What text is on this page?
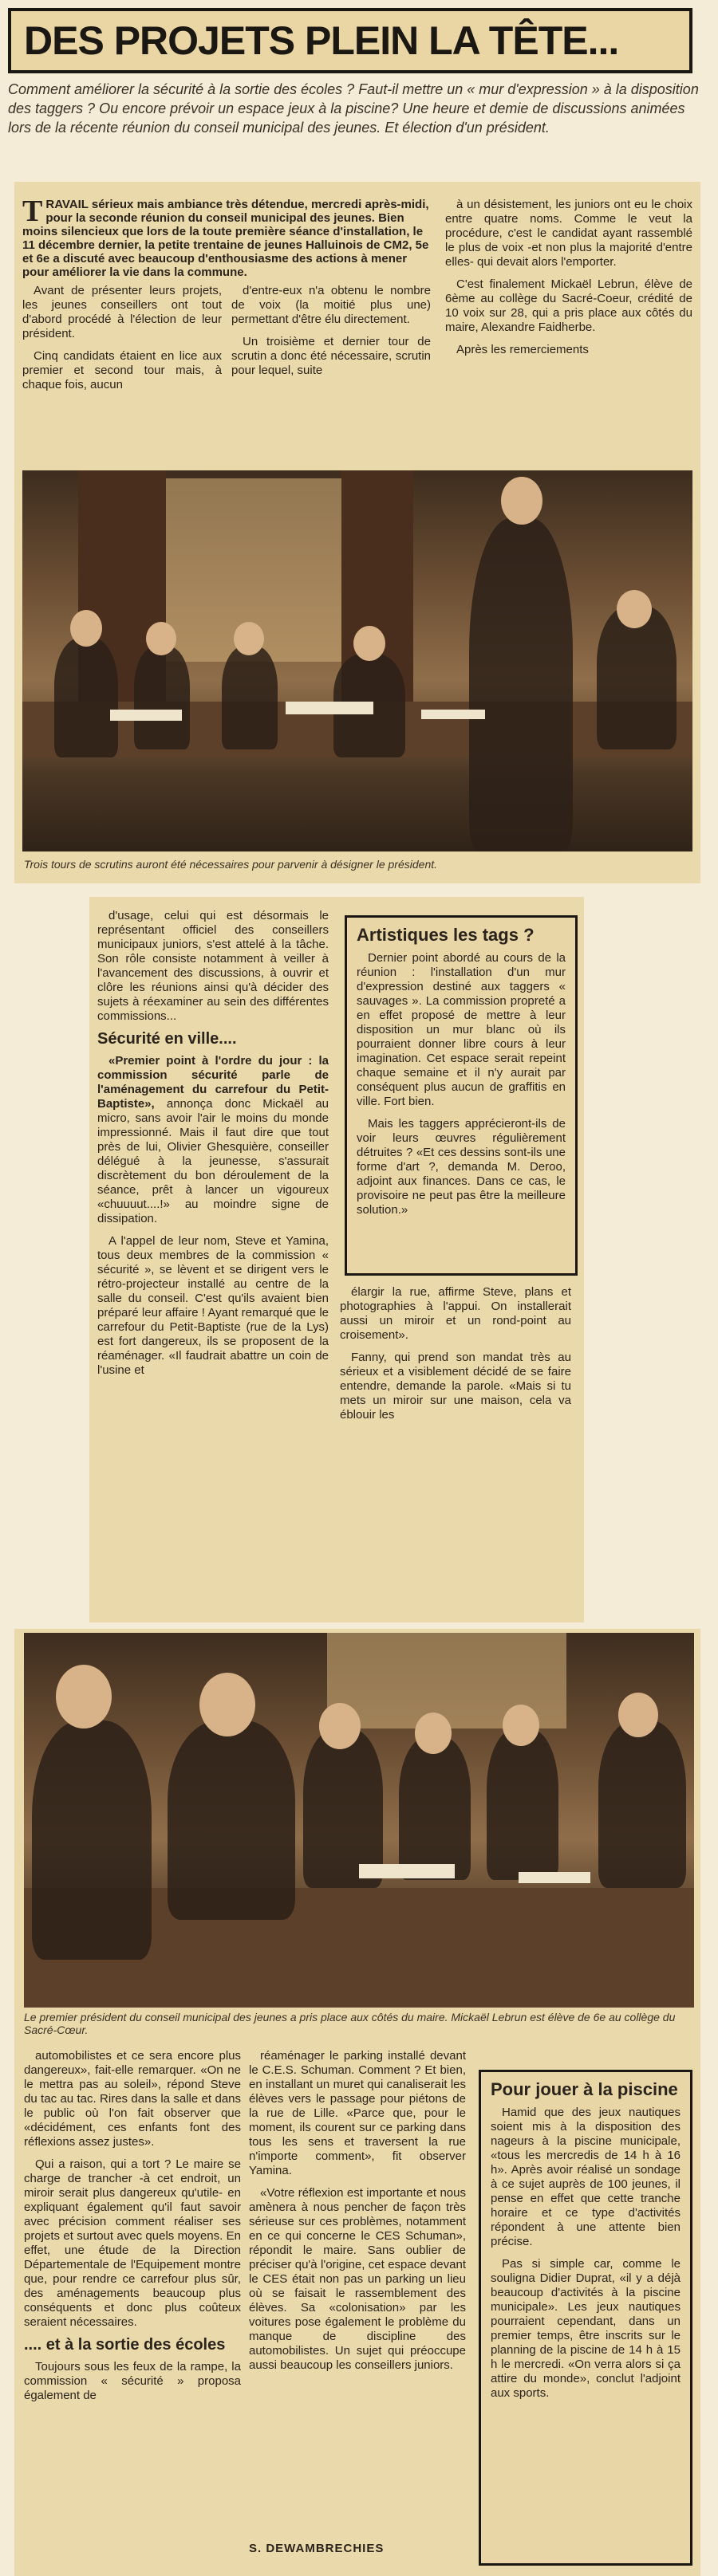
DES PROJETS PLEIN LA TÊTE...

Comment améliorer la sécurité à la sortie des écoles ? Faut-il mettre un « mur d'expression » à la disposition des taggers ? Ou encore prévoir un espace jeux à la piscine? Une heure et demie de discussions animées lors de la récente réunion du conseil municipal des jeunes. Et élection d'un président.

TRAVAIL sérieux mais ambiance très détendue, mercredi après-midi, pour la seconde réunion du conseil municipal des jeunes. Bien moins silencieux que lors de la toute première séance d'installation, le 11 décembre dernier, la petite trentaine de jeunes Halluinois de CM2, 5e et 6e a discuté avec beaucoup d'enthousiasme des actions à mener pour améliorer la vie dans la commune.

Avant de présenter leurs projets, les jeunes conseillers ont tout d'abord procédé à l'élection de leur président.

Cinq candidats étaient en lice aux premier et second tour mais, à chaque fois, aucun

d'entre-eux n'a obtenu le nombre de voix (la moitié plus une) permettant d'être élu directement.

Un troisième et dernier tour de scrutin a donc été nécessaire, scrutin pour lequel, suite

à un désistement, les juniors ont eu le choix entre quatre noms. Comme le veut la procédure, c'est le candidat ayant rassemblé le plus de voix -et non plus la majorité d'entre elles- qui devait alors l'emporter.

C'est finalement Mickaël Lebrun, élève de 6ème au collège du Sacré-Coeur, crédité de 10 voix sur 28, qui a pris place aux côtés du maire, Alexandre Faidherbe.

Après les remerciements

Trois tours de scrutins auront été nécessaires pour parvenir à désigner le président.

d'usage, celui qui est désormais le représentant officiel des conseillers municipaux juniors, s'est attelé à la tâche. Son rôle consiste notamment à veiller à l'avancement des discussions, à ouvrir et clôre les réunions ainsi qu'à décider des sujets à réexaminer au sein des différentes commissions...

Sécurité en ville....

«Premier point à l'ordre du jour : la commission sécurité parle de l'aménagement du carrefour du Petit-Baptiste», annonça donc Mickaël au micro, sans avoir l'air le moins du monde impressionné. Mais il faut dire que tout près de lui, Olivier Ghesquière, conseiller délégué à la jeunesse, s'assurait discrètement du bon déroulement de la séance, prêt à lancer un vigoureux «chuuuut....!» au moindre signe de dissipation.

A l'appel de leur nom, Steve et Yamina, tous deux membres de la commission « sécurité », se lèvent et se dirigent vers le rétro-projecteur installé au centre de la salle du conseil. C'est qu'ils avaient bien préparé leur affaire ! Ayant remarqué que le carrefour du Petit-Baptiste (rue de la Lys) est fort dangereux, ils se proposent de la réaménager. «Il faudrait abattre un coin de l'usine et

Artistiques les tags ?

Dernier point abordé au cours de la réunion : l'installation d'un mur d'expression destiné aux taggers « sauvages ». La commission propreté a en effet proposé de mettre à leur disposition un mur blanc où ils pourraient donner libre cours à leur imagination. Cet espace serait repeint chaque semaine et il n'y aurait par conséquent plus aucun de graffitis en ville. Fort bien.

Mais les taggers apprécieront-ils de voir leurs œuvres régulièrement détruites ? «Et ces dessins sont-ils une forme d'art ?, demanda M. Deroo, adjoint aux finances. Dans ce cas, le provisoire ne peut pas être la meilleure solution.»

élargir la rue, affirme Steve, plans et photographies à l'appui. On installerait aussi un miroir et un rond-point au croisement».

Fanny, qui prend son mandat très au sérieux et a visiblement décidé de se faire entendre, demande la parole. «Mais si tu mets un miroir sur une maison, cela va éblouir les

Le premier président du conseil municipal des jeunes a pris place aux côtés du maire. Mickaël Lebrun est élève de 6e au collège du Sacré-Cœur.

automobilistes et ce sera encore plus dangereux», fait-elle remarquer. «On ne le mettra pas au soleil», répond Steve du tac au tac. Rires dans la salle et dans le public où l'on fait observer que «décidément, ces enfants font des réflexions assez justes».

Qui a raison, qui a tort ? Le maire se charge de trancher -à cet endroit, un miroir serait plus dangereux qu'utile- en expliquant également qu'il faut savoir avec précision comment réaliser ses projets et surtout avec quels moyens. En effet, une étude de la Direction Départementale de l'Equipement montre que, pour rendre ce carrefour plus sûr, des aménagements beaucoup plus conséquents et donc plus coûteux seraient nécessaires.

.... et à la sortie des écoles

Toujours sous les feux de la rampe, la commission « sécurité » proposa également de

réaménager le parking installé devant le C.E.S. Schuman. Comment ? Et bien, en installant un muret qui canaliserait les élèves vers le passage pour piétons de la rue de Lille. «Parce que, pour le moment, ils courent sur ce parking dans tous les sens et traversent la rue n'importe comment», fit observer Yamina.

«Votre réflexion est importante et nous amènera à nous pencher de façon très sérieuse sur ces problèmes, notamment en ce qui concerne le CES Schuman», répondit le maire. Sans oublier de préciser qu'à l'origine, cet espace devant le CES était non pas un parking un lieu où se faisait le rassemblement des élèves. Sa «colonisation» par les voitures pose également le problème du manque de discipline des automobilistes. Un sujet qui préoccupe aussi beaucoup les conseillers juniors.

S. DEWAMBRECHIES

Pour jouer à la piscine

Hamid que des jeux nautiques soient mis à la disposition des nageurs à la piscine municipale, «tous les mercredis de 14 h à 16 h». Après avoir réalisé un sondage à ce sujet auprès de 100 jeunes, il pense en effet que cette tranche horaire et ce type d'activités répondent à une attente bien précise.

Pas si simple car, comme le souligna Didier Duprat, «il y a déjà beaucoup d'activités à la piscine municipale». Les jeux nautiques pourraient cependant, dans un premier temps, être inscrits sur le planning de la piscine de 14 h à 15 h le mercredi. «On verra alors si ça attire du monde», conclut l'adjoint aux sports.
